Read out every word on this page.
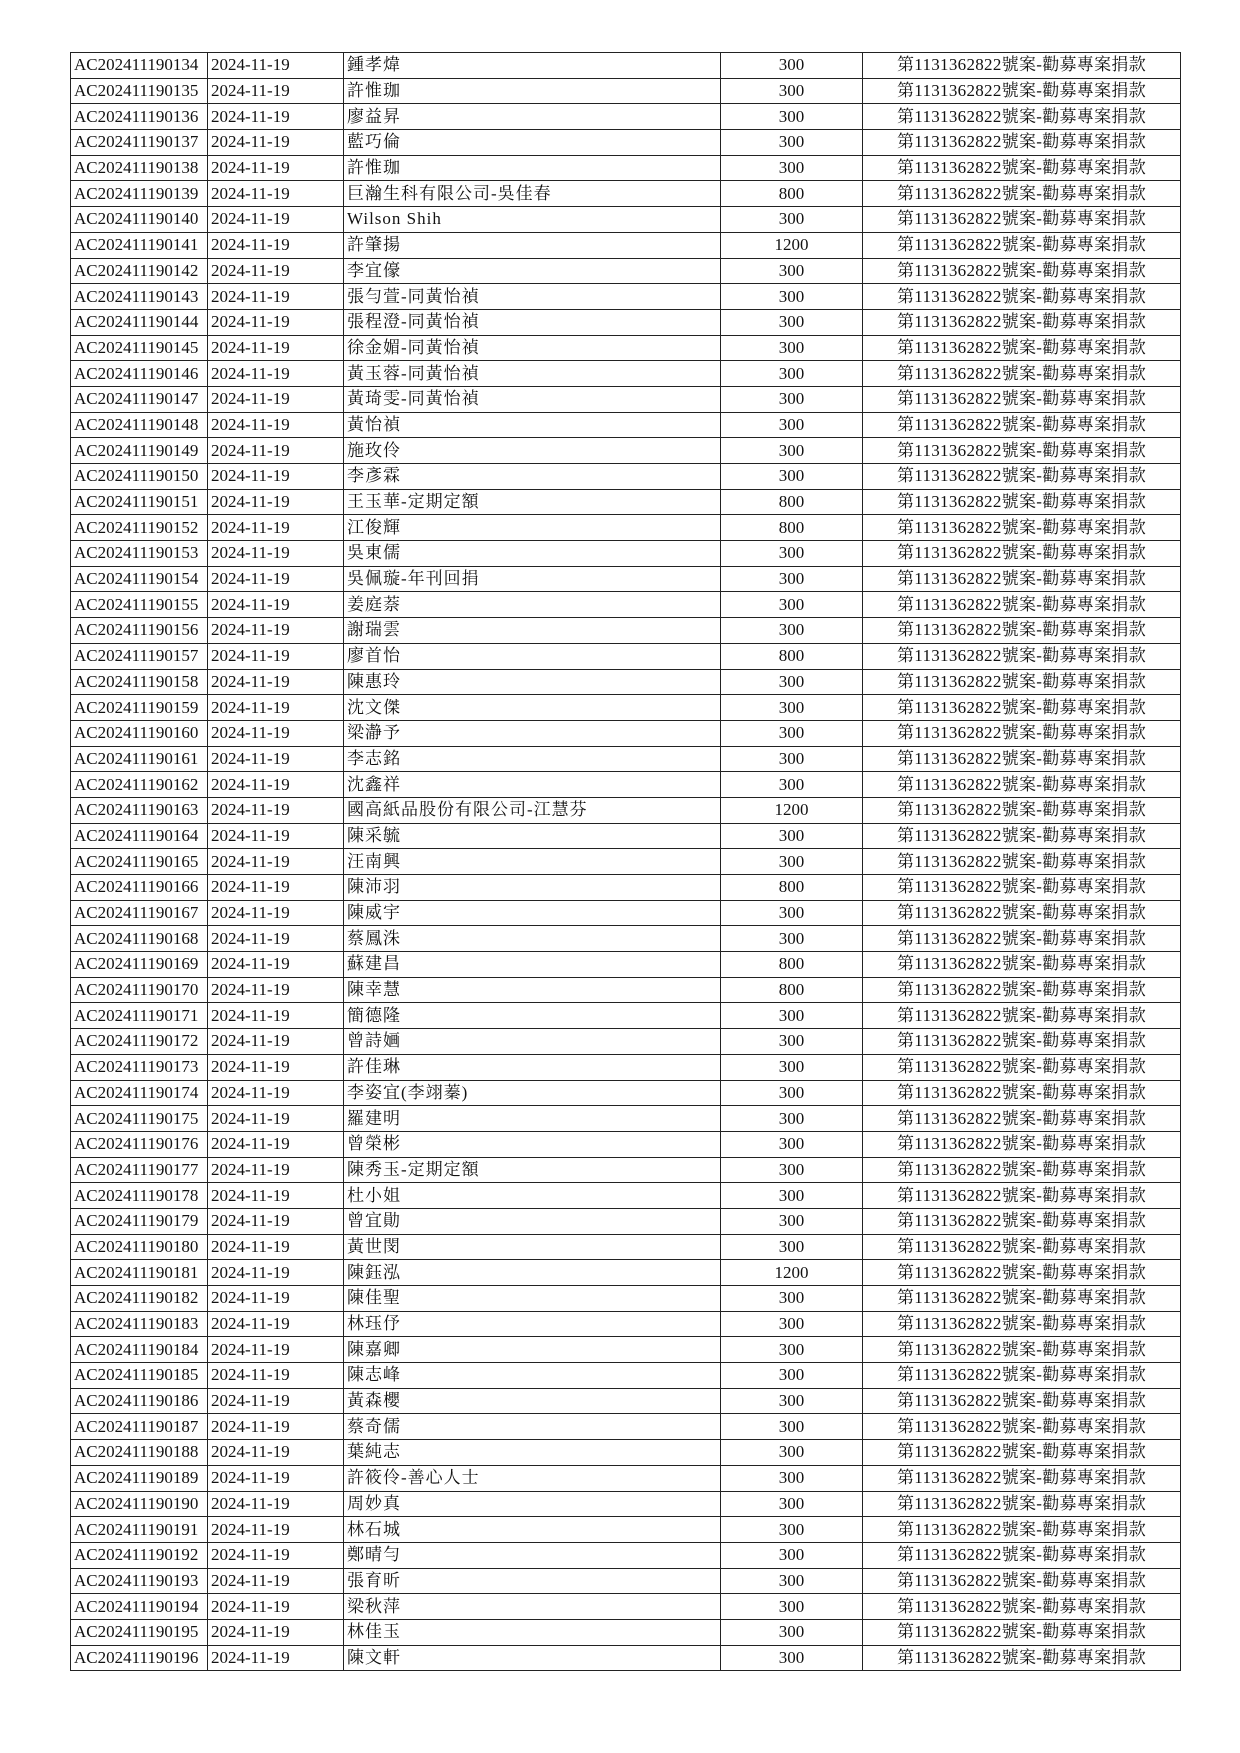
AC202411190134	2024-11-19	鍾孝煒	300	第1131362822號案-勸募專案捐款
AC202411190135	2024-11-19	許惟珈	300	第1131362822號案-勸募專案捐款
AC202411190136	2024-11-19	廖益昇	300	第1131362822號案-勸募專案捐款
AC202411190137	2024-11-19	藍巧倫	300	第1131362822號案-勸募專案捐款
AC202411190138	2024-11-19	許惟珈	300	第1131362822號案-勸募專案捐款
AC202411190139	2024-11-19	巨瀚生科有限公司-吳佳春	800	第1131362822號案-勸募專案捐款
AC202411190140	2024-11-19	Wilson Shih	300	第1131362822號案-勸募專案捐款
AC202411190141	2024-11-19	許肇揚	1200	第1131362822號案-勸募專案捐款
AC202411190142	2024-11-19	李宜儫	300	第1131362822號案-勸募專案捐款
AC202411190143	2024-11-19	張勻萱-同黃怡禎	300	第1131362822號案-勸募專案捐款
AC202411190144	2024-11-19	張程澄-同黃怡禎	300	第1131362822號案-勸募專案捐款
AC202411190145	2024-11-19	徐金媚-同黃怡禎	300	第1131362822號案-勸募專案捐款
AC202411190146	2024-11-19	黃玉蓉-同黃怡禎	300	第1131362822號案-勸募專案捐款
AC202411190147	2024-11-19	黃琦雯-同黃怡禎	300	第1131362822號案-勸募專案捐款
AC202411190148	2024-11-19	黃怡禎	300	第1131362822號案-勸募專案捐款
AC202411190149	2024-11-19	施玫伶	300	第1131362822號案-勸募專案捐款
AC202411190150	2024-11-19	李彥霖	300	第1131362822號案-勸募專案捐款
AC202411190151	2024-11-19	王玉華-定期定額	800	第1131362822號案-勸募專案捐款
AC202411190152	2024-11-19	江俊輝	800	第1131362822號案-勸募專案捐款
AC202411190153	2024-11-19	吳東儒	300	第1131362822號案-勸募專案捐款
AC202411190154	2024-11-19	吳佩璇-年刊回捐	300	第1131362822號案-勸募專案捐款
AC202411190155	2024-11-19	姜庭萘	300	第1131362822號案-勸募專案捐款
AC202411190156	2024-11-19	謝瑞雲	300	第1131362822號案-勸募專案捐款
AC202411190157	2024-11-19	廖首怡	800	第1131362822號案-勸募專案捐款
AC202411190158	2024-11-19	陳惠玲	300	第1131362822號案-勸募專案捐款
AC202411190159	2024-11-19	沈文傑	300	第1131362822號案-勸募專案捐款
AC202411190160	2024-11-19	梁瀞予	300	第1131362822號案-勸募專案捐款
AC202411190161	2024-11-19	李志銘	300	第1131362822號案-勸募專案捐款
AC202411190162	2024-11-19	沈鑫祥	300	第1131362822號案-勸募專案捐款
AC202411190163	2024-11-19	國高紙品股份有限公司-江慧芬	1200	第1131362822號案-勸募專案捐款
AC202411190164	2024-11-19	陳采毓	300	第1131362822號案-勸募專案捐款
AC202411190165	2024-11-19	汪南興	300	第1131362822號案-勸募專案捐款
AC202411190166	2024-11-19	陳沛羽	800	第1131362822號案-勸募專案捐款
AC202411190167	2024-11-19	陳威宇	300	第1131362822號案-勸募專案捐款
AC202411190168	2024-11-19	蔡鳳洙	300	第1131362822號案-勸募專案捐款
AC202411190169	2024-11-19	蘇建昌	800	第1131362822號案-勸募專案捐款
AC202411190170	2024-11-19	陳幸慧	800	第1131362822號案-勸募專案捐款
AC202411190171	2024-11-19	簡德隆	300	第1131362822號案-勸募專案捐款
AC202411190172	2024-11-19	曾詩婳	300	第1131362822號案-勸募專案捐款
AC202411190173	2024-11-19	許佳琳	300	第1131362822號案-勸募專案捐款
AC202411190174	2024-11-19	李姿宜(李翊蓁)	300	第1131362822號案-勸募專案捐款
AC202411190175	2024-11-19	羅建明	300	第1131362822號案-勸募專案捐款
AC202411190176	2024-11-19	曾榮彬	300	第1131362822號案-勸募專案捐款
AC202411190177	2024-11-19	陳秀玉-定期定額	300	第1131362822號案-勸募專案捐款
AC202411190178	2024-11-19	杜小姐	300	第1131362822號案-勸募專案捐款
AC202411190179	2024-11-19	曾宜勛	300	第1131362822號案-勸募專案捐款
AC202411190180	2024-11-19	黃世閔	300	第1131362822號案-勸募專案捐款
AC202411190181	2024-11-19	陳鈺泓	1200	第1131362822號案-勸募專案捐款
AC202411190182	2024-11-19	陳佳聖	300	第1131362822號案-勸募專案捐款
AC202411190183	2024-11-19	林珏伃	300	第1131362822號案-勸募專案捐款
AC202411190184	2024-11-19	陳嘉卿	300	第1131362822號案-勸募專案捐款
AC202411190185	2024-11-19	陳志峰	300	第1131362822號案-勸募專案捐款
AC202411190186	2024-11-19	黃森櫻	300	第1131362822號案-勸募專案捐款
AC202411190187	2024-11-19	蔡奇儒	300	第1131362822號案-勸募專案捐款
AC202411190188	2024-11-19	葉純志	300	第1131362822號案-勸募專案捐款
AC202411190189	2024-11-19	許筱伶-善心人士	300	第1131362822號案-勸募專案捐款
AC202411190190	2024-11-19	周妙真	300	第1131362822號案-勸募專案捐款
AC202411190191	2024-11-19	林石城	300	第1131362822號案-勸募專案捐款
AC202411190192	2024-11-19	鄭晴勻	300	第1131362822號案-勸募專案捐款
AC202411190193	2024-11-19	張育昕	300	第1131362822號案-勸募專案捐款
AC202411190194	2024-11-19	梁秋萍	300	第1131362822號案-勸募專案捐款
AC202411190195	2024-11-19	林佳玉	300	第1131362822號案-勸募專案捐款
AC202411190196	2024-11-19	陳文軒	300	第1131362822號案-勸募專案捐款
